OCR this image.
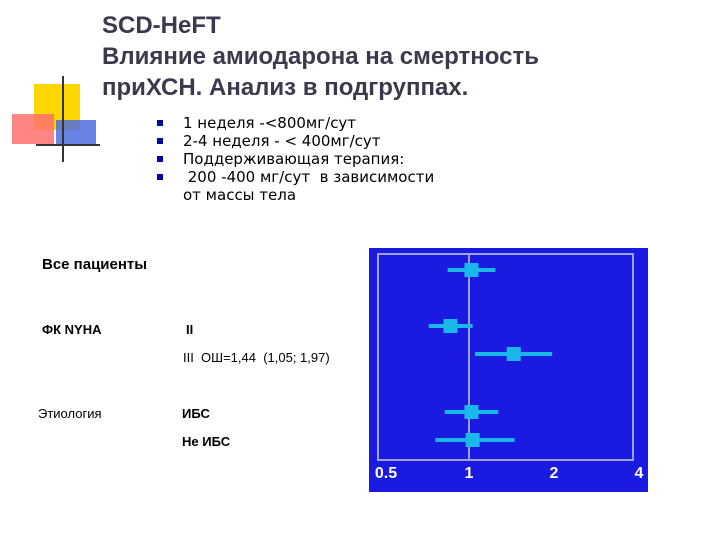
SCD-HeFT
Влияние амиодарона на смертность
приХСН. Анализ в подгруппах.
1 неделя -<800мг/сут
2-4 неделя - < 400мг/сут
Поддерживающая терапия:
200 -400 мг/сут  в зависимости
от массы тела
Все пациенты
ФК NYHA	II
III  ОШ=1,44  (1,05; 1,97)
Этиология	ИБС
Не ИБС
0.5	1	2	4
